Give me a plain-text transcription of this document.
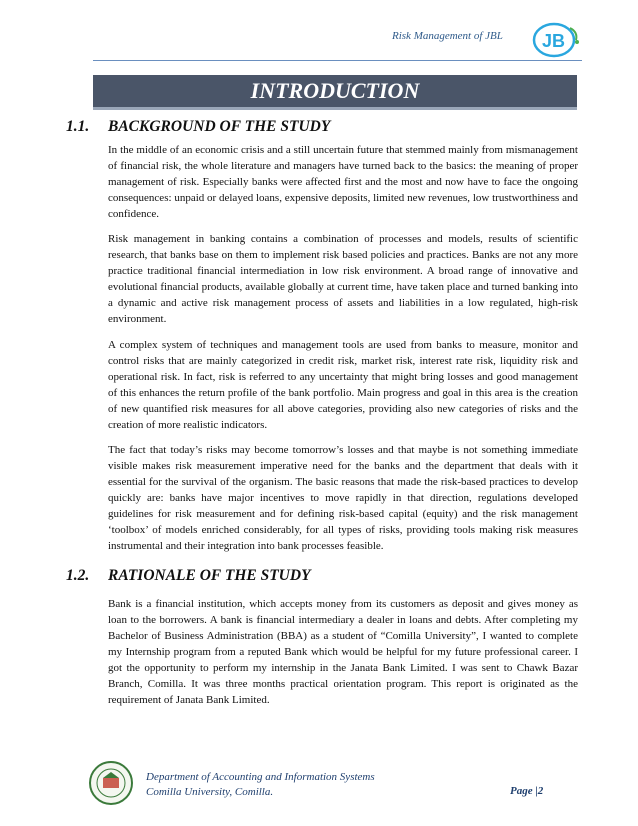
Risk Management of JBL JB
INTRODUCTION
1.1. BACKGROUND OF THE STUDY

In the middle of an economic crisis and a still uncertain future that stemmed mainly from mismanagement of financial risk, the whole literature and managers have turned back to the basics: the meaning of proper management of risk. Especially banks were affected first and the most and now have to face the ongoing consequences: unpaid or delayed loans, expensive deposits, limited new revenues, low trustworthiness and confidence.

Risk management in banking contains a combination of processes and models, results of scientific research, that banks base on them to implement risk based policies and practices. Banks are not any more practice traditional financial intermediation in low risk environment. A broad range of innovative and evolutional financial products, available globally at current time, have taken place and turned banking into a dynamic and active risk management process of assets and liabilities in a low regulated, high-risk environment.

A complex system of techniques and management tools are used from banks to measure, monitor and control risks that are mainly categorized in credit risk, market risk, interest rate risk, liquidity risk and operational risk. In fact, risk is referred to any uncertainty that might bring losses and good management of this enhances the return profile of the bank portfolio. Main progress and goal in this area is the creation of new quantified risk measures for all above categories, providing also new categories of risks and the creation of more realistic indicators.

The fact that today’s risks may become tomorrow’s losses and that maybe is not something immediate visible makes risk measurement imperative need for the banks and the department that deals with it essential for the survival of the organism. The basic reasons that made the risk-based practices to develop quickly are: banks have major incentives to move rapidly in that direction, regulations developed guidelines for risk measurement and for defining risk-based capital (equity) and the risk management ‘toolbox’ of models enriched considerably, for all types of risks, providing tools making risk measures instrumental and their integration into bank processes feasible.

1.2. RATIONALE OF THE STUDY

Bank is a financial institution, which accepts money from its customers as deposit and gives money as loan to the borrowers. A bank is financial intermediary a dealer in loans and debts. After completing my Bachelor of Business Administration (BBA) as a student of “Comilla University”, I wanted to complete my Internship program from a reputed Bank which would be helpful for my future professional career. I got the opportunity to perform my internship in the Janata Bank Limited. I was sent to Chawk Bazar Branch, Comilla. It was three months practical orientation program. This report is originated as the requirement of Janata Bank Limited.

Department of Accounting and Information Systems
Comilla University, Comilla.	Page |2
